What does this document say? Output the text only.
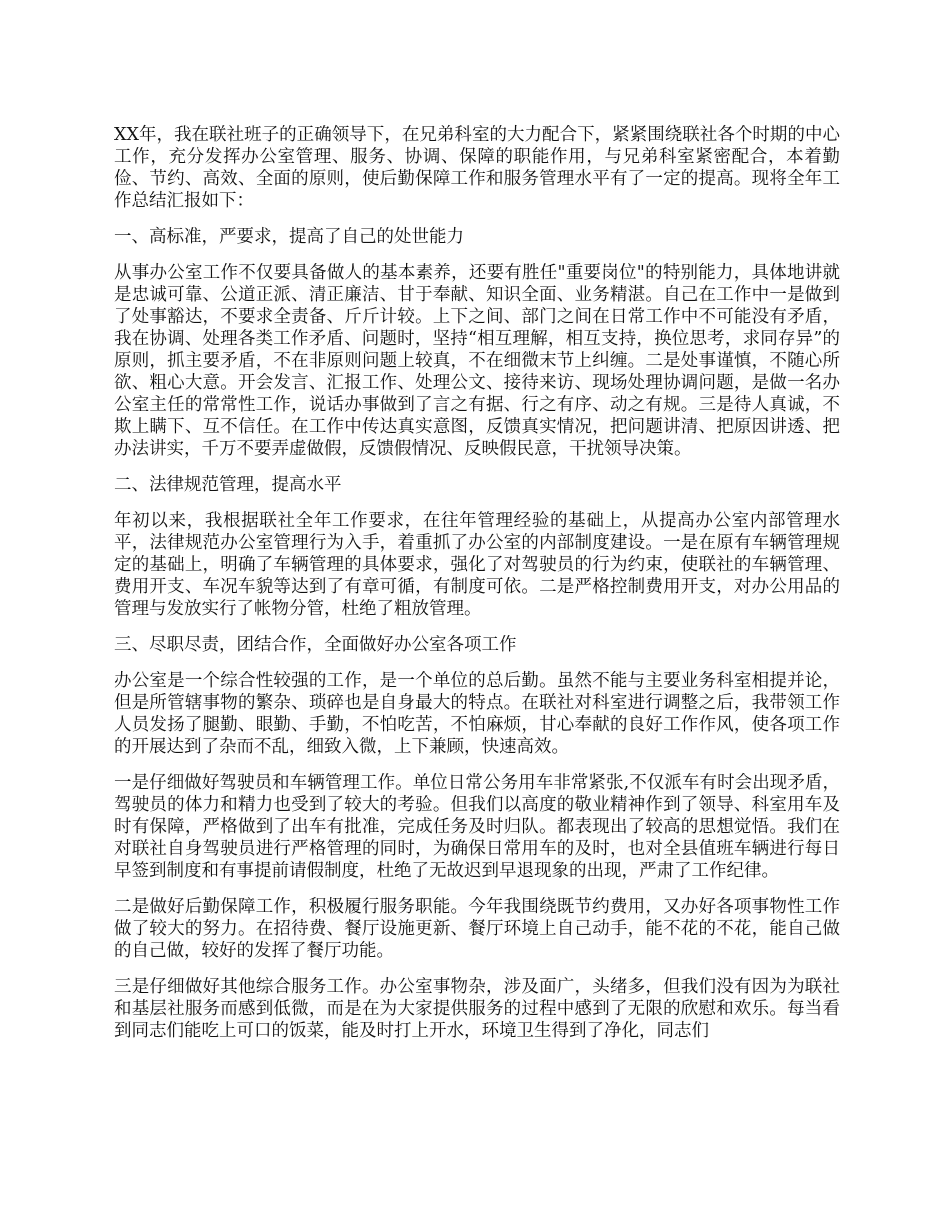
XX年，我在联社班子的正确领导下，在兄弟科室的大力配合下，紧紧围绕联社各个时期的中心工作，充分发挥办公室管理、服务、协调、保障的职能作用，与兄弟科室紧密配合，本着勤俭、节约、高效、全面的原则，使后勤保障工作和服务管理水平有了一定的提高。现将全年工作总结汇报如下：

一、高标准，严要求，提高了自己的处世能力

从事办公室工作不仅要具备做人的基本素养，还要有胜任"重要岗位"的特别能力，具体地讲就是忠诚可靠、公道正派、清正廉洁、甘于奉献、知识全面、业务精湛。自己在工作中一是做到了处事豁达，不要求全责备、斤斤计较。上下之间、部门之间在日常工作中不可能没有矛盾，我在协调、处理各类工作矛盾、问题时，坚持“相互理解，相互支持，换位思考，求同存异”的原则，抓主要矛盾，不在非原则问题上较真，不在细微末节上纠缠。二是处事谨慎，不随心所欲、粗心大意。开会发言、汇报工作、处理公文、接待来访、现场处理协调问题，是做一名办公室主任的常常性工作，说话办事做到了言之有据、行之有序、动之有规。三是待人真诚，不欺上瞒下、互不信任。在工作中传达真实意图，反馈真实情况，把问题讲清、把原因讲透、把办法讲实，千万不要弄虚做假，反馈假情况、反映假民意，干扰领导决策。

二、法律规范管理，提高水平

年初以来，我根据联社全年工作要求，在往年管理经验的基础上，从提高办公室内部管理水平，法律规范办公室管理行为入手，着重抓了办公室的内部制度建设。一是在原有车辆管理规定的基础上，明确了车辆管理的具体要求，强化了对驾驶员的行为约束，使联社的车辆管理、费用开支、车况车貌等达到了有章可循，有制度可依。二是严格控制费用开支，对办公用品的管理与发放实行了帐物分管，杜绝了粗放管理。

三、尽职尽责，团结合作，全面做好办公室各项工作

办公室是一个综合性较强的工作，是一个单位的总后勤。虽然不能与主要业务科室相提并论，但是所管辖事物的繁杂、琐碎也是自身最大的特点。在联社对科室进行调整之后，我带领工作人员发扬了腿勤、眼勤、手勤，不怕吃苦，不怕麻烦，甘心奉献的良好工作作风，使各项工作的开展达到了杂而不乱，细致入微，上下兼顾，快速高效。

一是仔细做好驾驶员和车辆管理工作。单位日常公务用车非常紧张,不仅派车有时会出现矛盾，驾驶员的体力和精力也受到了较大的考验。但我们以高度的敬业精神作到了领导、科室用车及时有保障，严格做到了出车有批准，完成任务及时归队。都表现出了较高的思想觉悟。我们在对联社自身驾驶员进行严格管理的同时，为确保日常用车的及时，也对全县值班车辆进行每日早签到制度和有事提前请假制度，杜绝了无故迟到早退现象的出现，严肃了工作纪律。

二是做好后勤保障工作，积极履行服务职能。今年我围绕既节约费用，又办好各项事物性工作做了较大的努力。在招待费、餐厅设施更新、餐厅环境上自己动手，能不花的不花，能自己做的自己做，较好的发挥了餐厅功能。

三是仔细做好其他综合服务工作。办公室事物杂，涉及面广，头绪多，但我们没有因为为联社和基层社服务而感到低微，而是在为大家提供服务的过程中感到了无限的欣慰和欢乐。每当看到同志们能吃上可口的饭菜，能及时打上开水，环境卫生得到了净化，同志们
